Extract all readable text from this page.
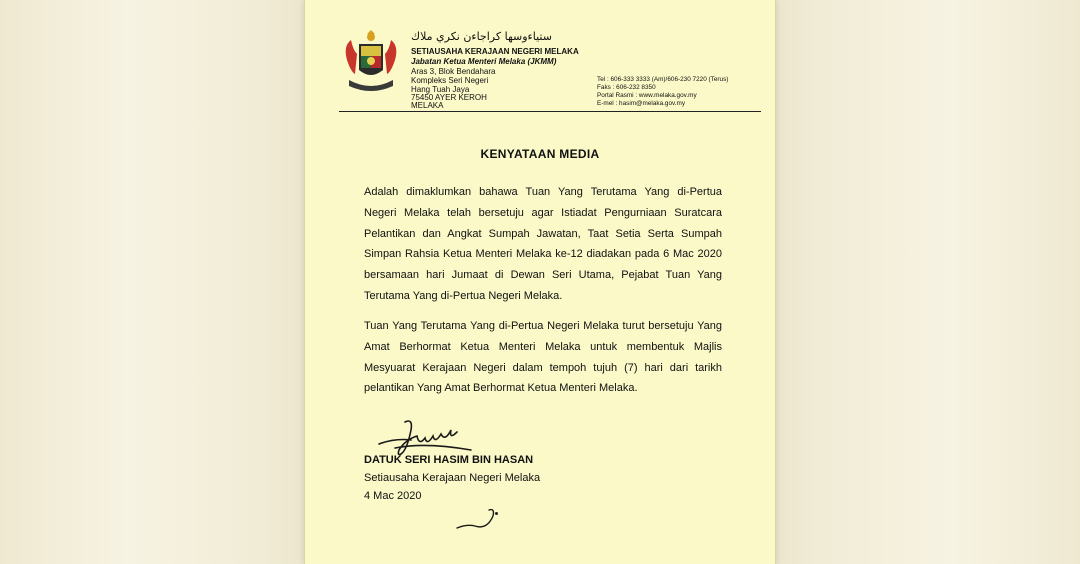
ستياءوسها كراجاءن نكري ملاك
SETIAUSAHA KERAJAAN NEGERI MELAKA
Jabatan Ketua Menteri Melaka (JKMM)
Aras 3, Blok Bendahara
Kompleks Seri Negeri
Hang Tuah Jaya
75450 AYER KEROH
MELAKA
Tel : 606-333 3333 (Am)/606-230 7220 (Terus)
Faks : 606-232 8350
Portal Rasmi : www.melaka.gov.my
E-mel : hasim@melaka.gov.my
KENYATAAN MEDIA
Adalah dimaklumkan bahawa Tuan Yang Terutama Yang di-Pertua Negeri Melaka telah bersetuju agar Istiadat Pengurniaan Suratcara Pelantikan dan Angkat Sumpah Jawatan, Taat Setia Serta Sumpah Simpan Rahsia Ketua Menteri Melaka ke-12 diadakan pada 6 Mac 2020 bersamaan hari Jumaat di Dewan Seri Utama, Pejabat Tuan Yang Terutama Yang di-Pertua Negeri Melaka.
Tuan Yang Terutama Yang di-Pertua Negeri Melaka turut bersetuju Yang Amat Berhormat Ketua Menteri Melaka untuk membentuk Majlis Mesyuarat Kerajaan Negeri dalam tempoh tujuh (7) hari dari tarikh pelantikan Yang Amat Berhormat Ketua Menteri Melaka.
DATUK SERI HASIM BIN HASAN
Setiausaha Kerajaan Negeri Melaka
4 Mac 2020
